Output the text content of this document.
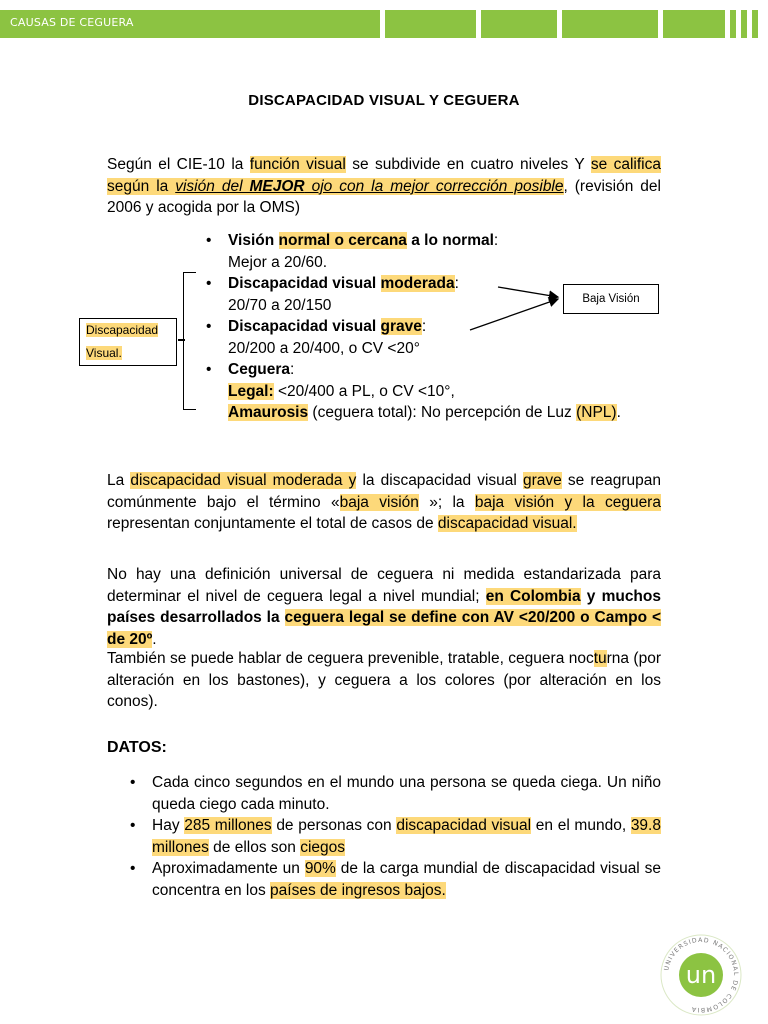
CAUSAS DE CEGUERA
DISCAPACIDAD VISUAL Y CEGUERA
Según el CIE-10 la función visual se subdivide en cuatro niveles Y se califica según la visión del MEJOR ojo con la mejor corrección posible, (revisión del 2006 y acogida por la OMS)
Discapacidad
Visual.
Baja Visión
• Visión normal o cercana a lo normal:
Mejor a 20/60.
• Discapacidad visual moderada:
20/70 a 20/150
• Discapacidad visual grave:
20/200 a 20/400, o CV <20°
• Ceguera:
Legal: <20/400 a PL, o CV <10°,
Amaurosis (ceguera total): No percepción de Luz (NPL).
La discapacidad visual moderada y la discapacidad visual grave se reagrupan comúnmente bajo el término «baja visión »; la baja visión y la ceguera representan conjuntamente el total de casos de discapacidad visual.
No hay una definición universal de ceguera ni medida estandarizada para determinar el nivel de ceguera legal a nivel mundial; en Colombia y muchos países desarrollados la ceguera legal se define con AV <20/200 o Campo < de 20º.
También se puede hablar de ceguera prevenible, tratable, ceguera nocturna (por alteración en los bastones), y ceguera a los colores (por alteración en los conos).
DATOS:
• Cada cinco segundos en el mundo una persona se queda ciega. Un niño queda ciego cada minuto.
• Hay 285 millones de personas con discapacidad visual en el mundo, 39.8 millones de ellos son ciegos
• Aproximadamente un 90% de la carga mundial de discapacidad visual se concentra en los países de ingresos bajos.
UNIVERSIDAD NACIONAL DE COLOMBIA
un
